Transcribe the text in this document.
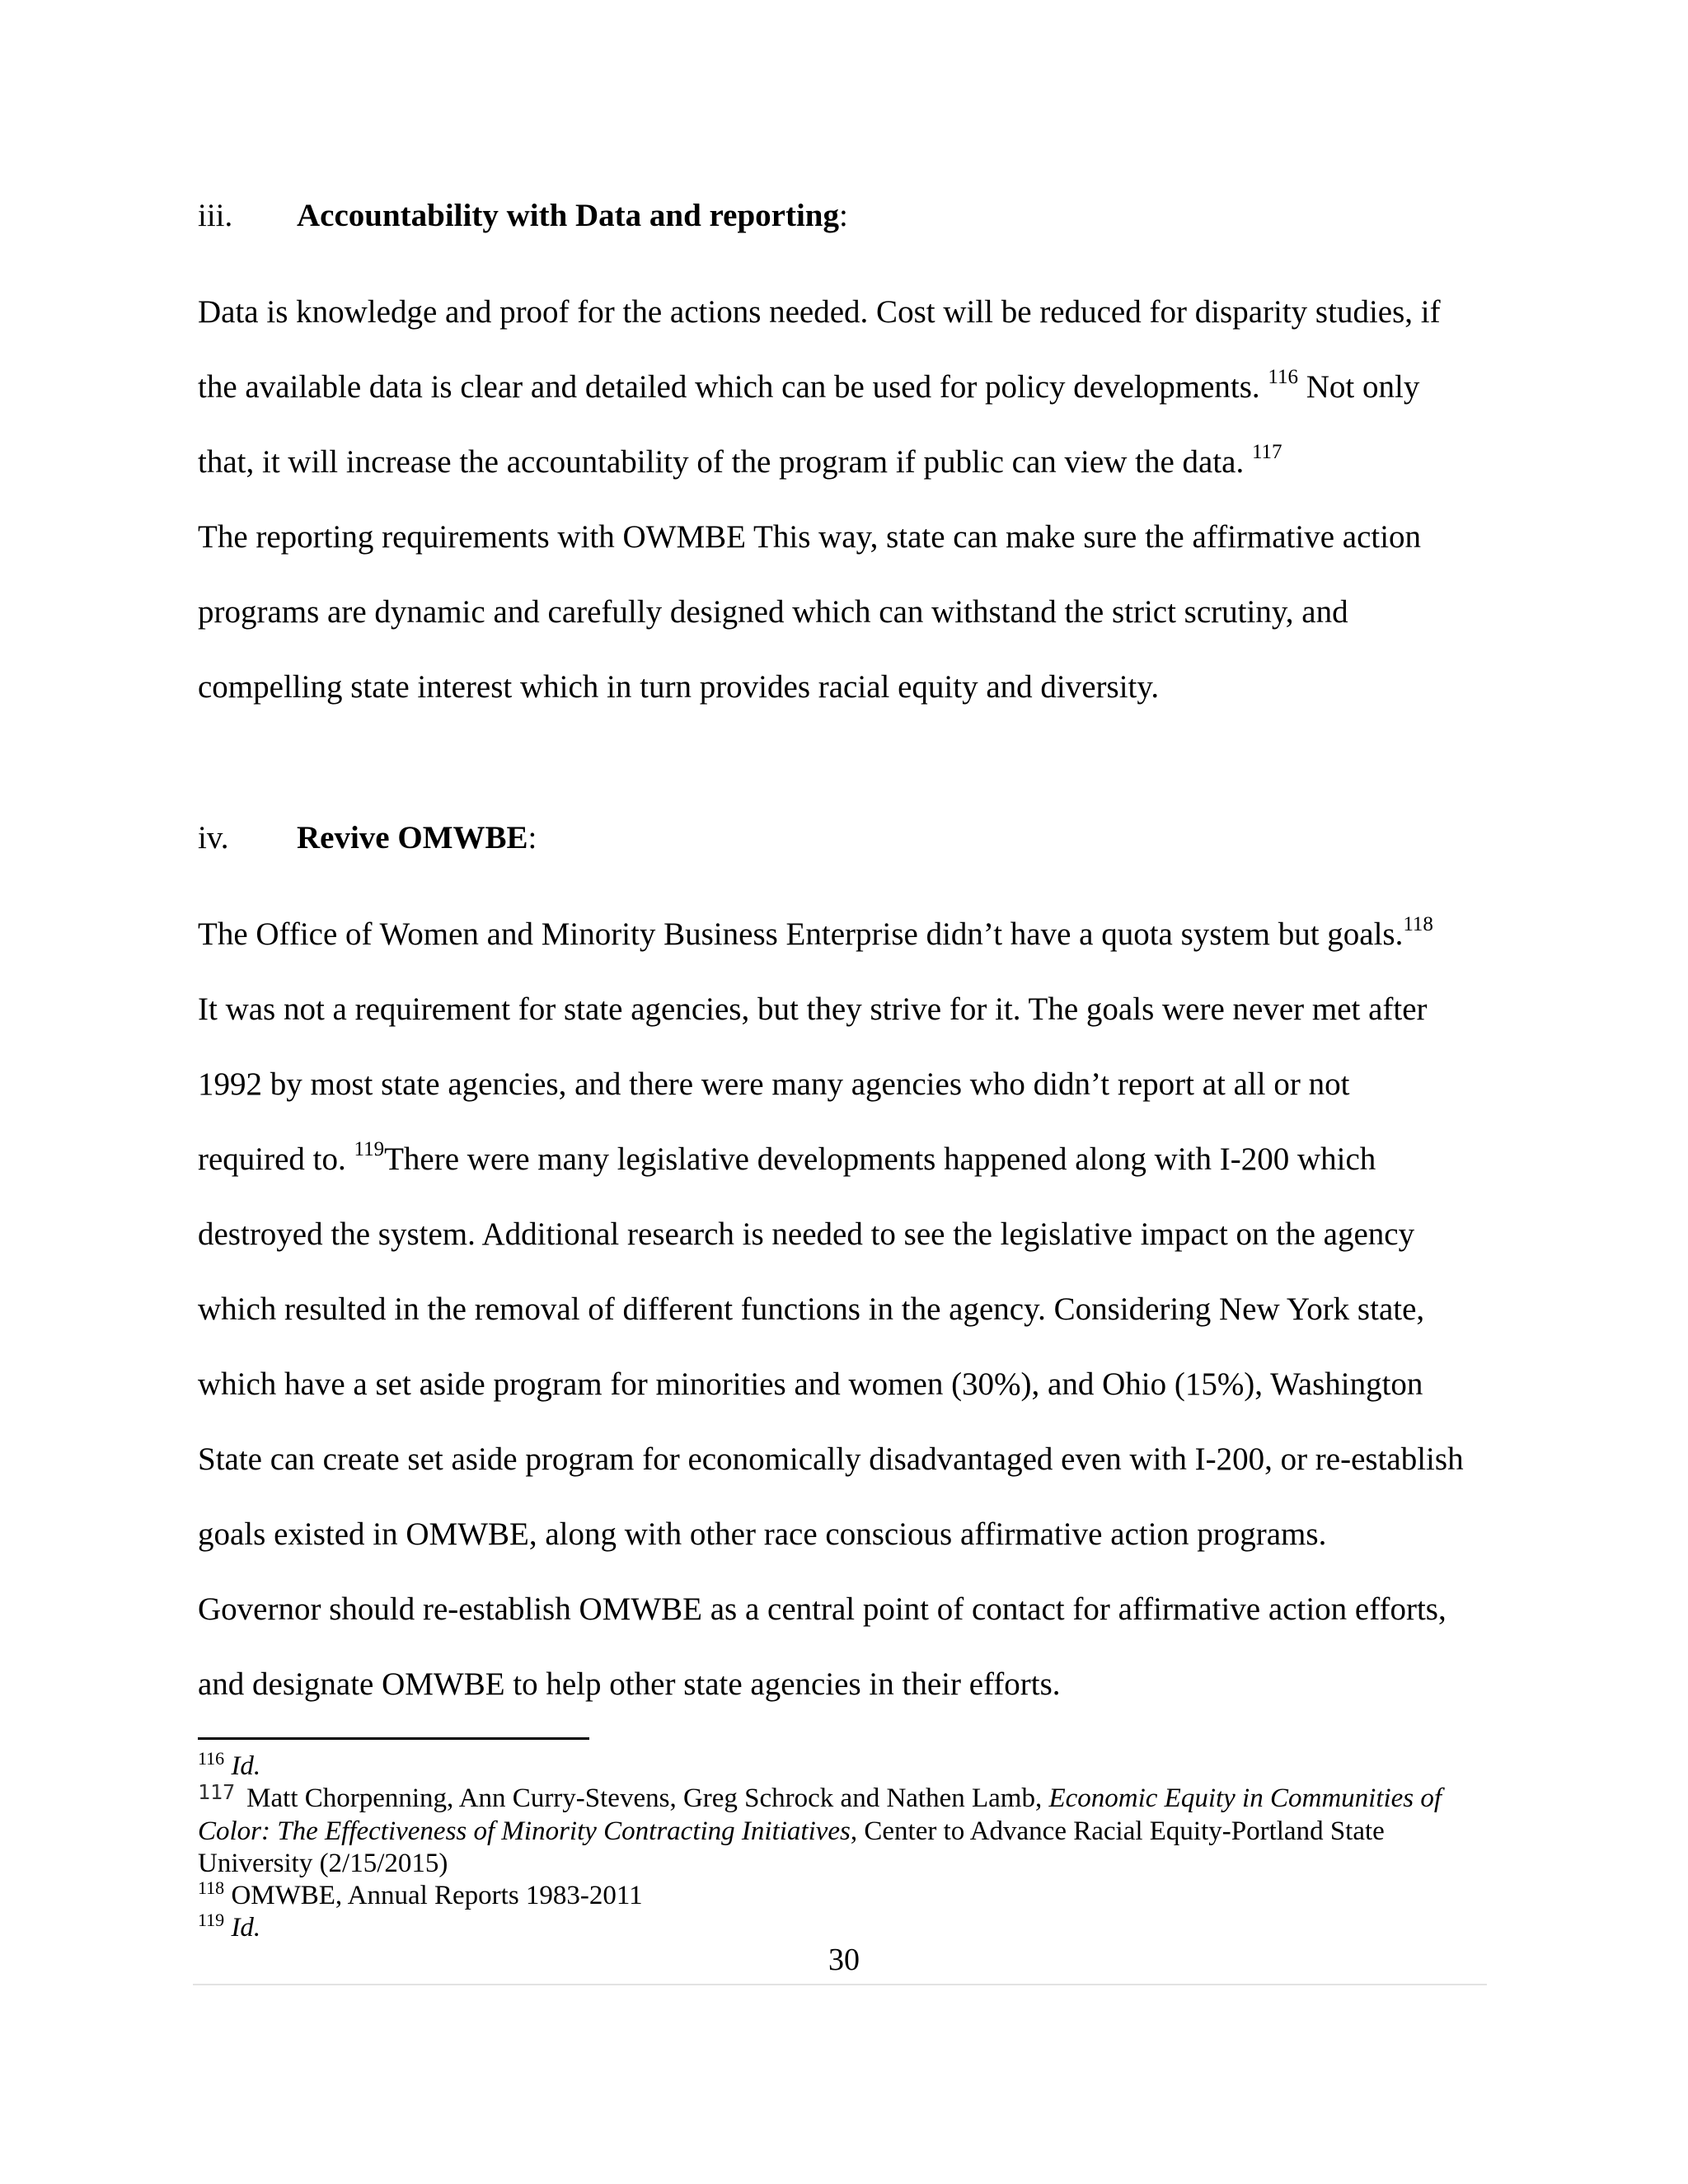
iii. Accountability with Data and reporting:
Data is knowledge and proof for the actions needed. Cost will be reduced for disparity studies, if
the available data is clear and detailed which can be used for policy developments. $^{116}$ Not only
that, it will increase the accountability of the program if public can view the data. $^{117}$
The reporting requirements with OWMBE This way, state can make sure the affirmative action
programs are dynamic and carefully designed which can withstand the strict scrutiny, and
compelling state interest which in turn provides racial equity and diversity.
iv. Revive OMWBE:
The Office of Women and Minority Business Enterprise didn’t have a quota system but goals.$^{118}$
It was not a requirement for state agencies, but they strive for it. The goals were never met after
1992 by most state agencies, and there were many agencies who didn’t report at all or not
required to. $^{119}$There were many legislative developments happened along with I-200 which
destroyed the system. Additional research is needed to see the legislative impact on the agency
which resulted in the removal of different functions in the agency. Considering New York state,
which have a set aside program for minorities and women (30%), and Ohio (15%), Washington
State can create set aside program for economically disadvantaged even with I-200, or re-establish
goals existed in OMWBE, along with other race conscious affirmative action programs.
Governor should re-establish OMWBE as a central point of contact for affirmative action efforts,
and designate OMWBE to help other state agencies in their efforts.
$^{116}$ Id.
$^{117}$ Matt Chorpenning, Ann Curry-Stevens, Greg Schrock and Nathen Lamb, Economic Equity in Communities of
Color: The Effectiveness of Minority Contracting Initiatives, Center to Advance Racial Equity-Portland State
University (2/15/2015)
$^{118}$ OMWBE, Annual Reports 1983-2011
$^{119}$ Id.
30
